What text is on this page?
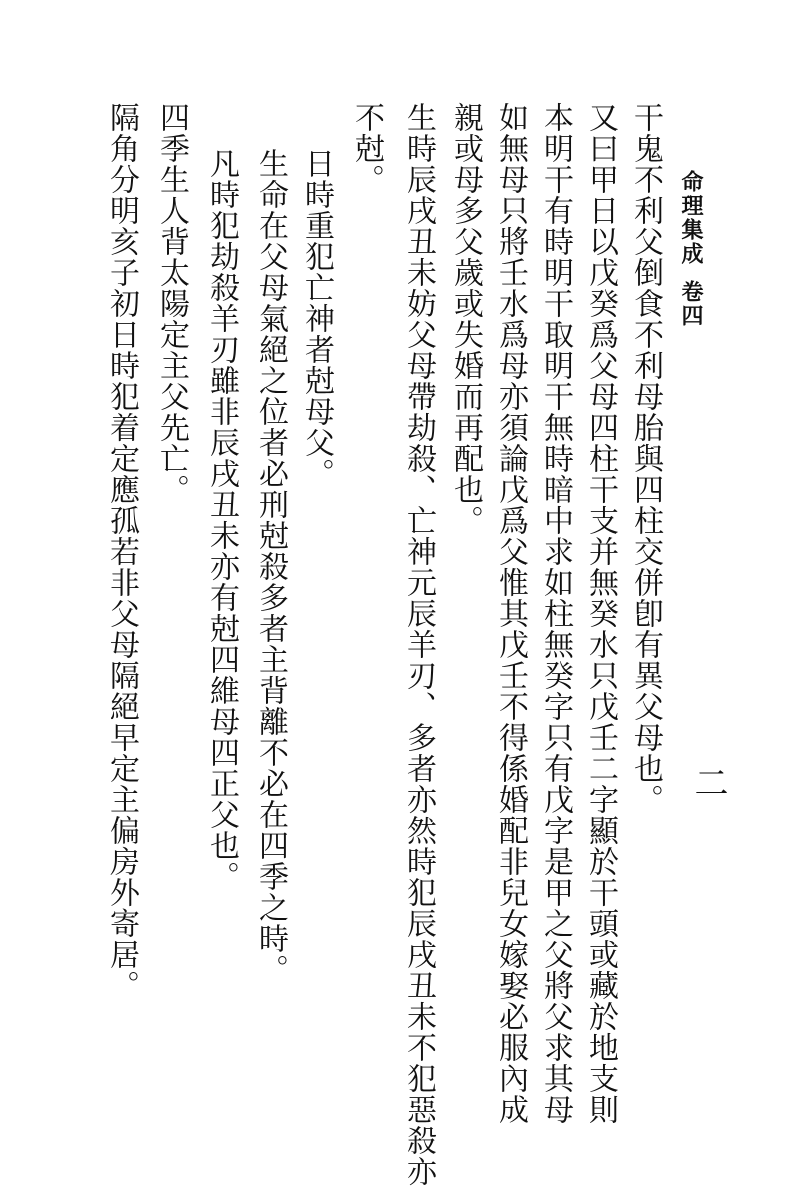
命理集成卷四
二
干鬼不利父倒食不利母胎與四柱交併卽有異父母也。
又曰甲日以戊癸爲父母四柱干支并無癸水只戊壬二字顯於干頭或藏於地支則
本明干有時明干取明干無時暗中求如柱無癸字只有戊字是甲之父將父求其母
如無母只將壬水爲母亦須論戊爲父惟其戊壬不得係婚配非兒女嫁娶必服內成
親或母多父歲或失婚而再配也。
生時辰戌丑未妨父母帶劫殺、亡神元辰羊刃、多者亦然時犯辰戌丑未不犯惡殺亦
不尅。
日時重犯亡神者尅母父。
生命在父母氣絕之位者必刑尅殺多者主背離不必在四季之時。
凡時犯劫殺羊刃雖非辰戌丑未亦有尅四維母四正父也。
四季生人背太陽定主父先亡。
隔角分明亥子初日時犯着定應孤若非父母隔絕早定主偏房外寄居。
